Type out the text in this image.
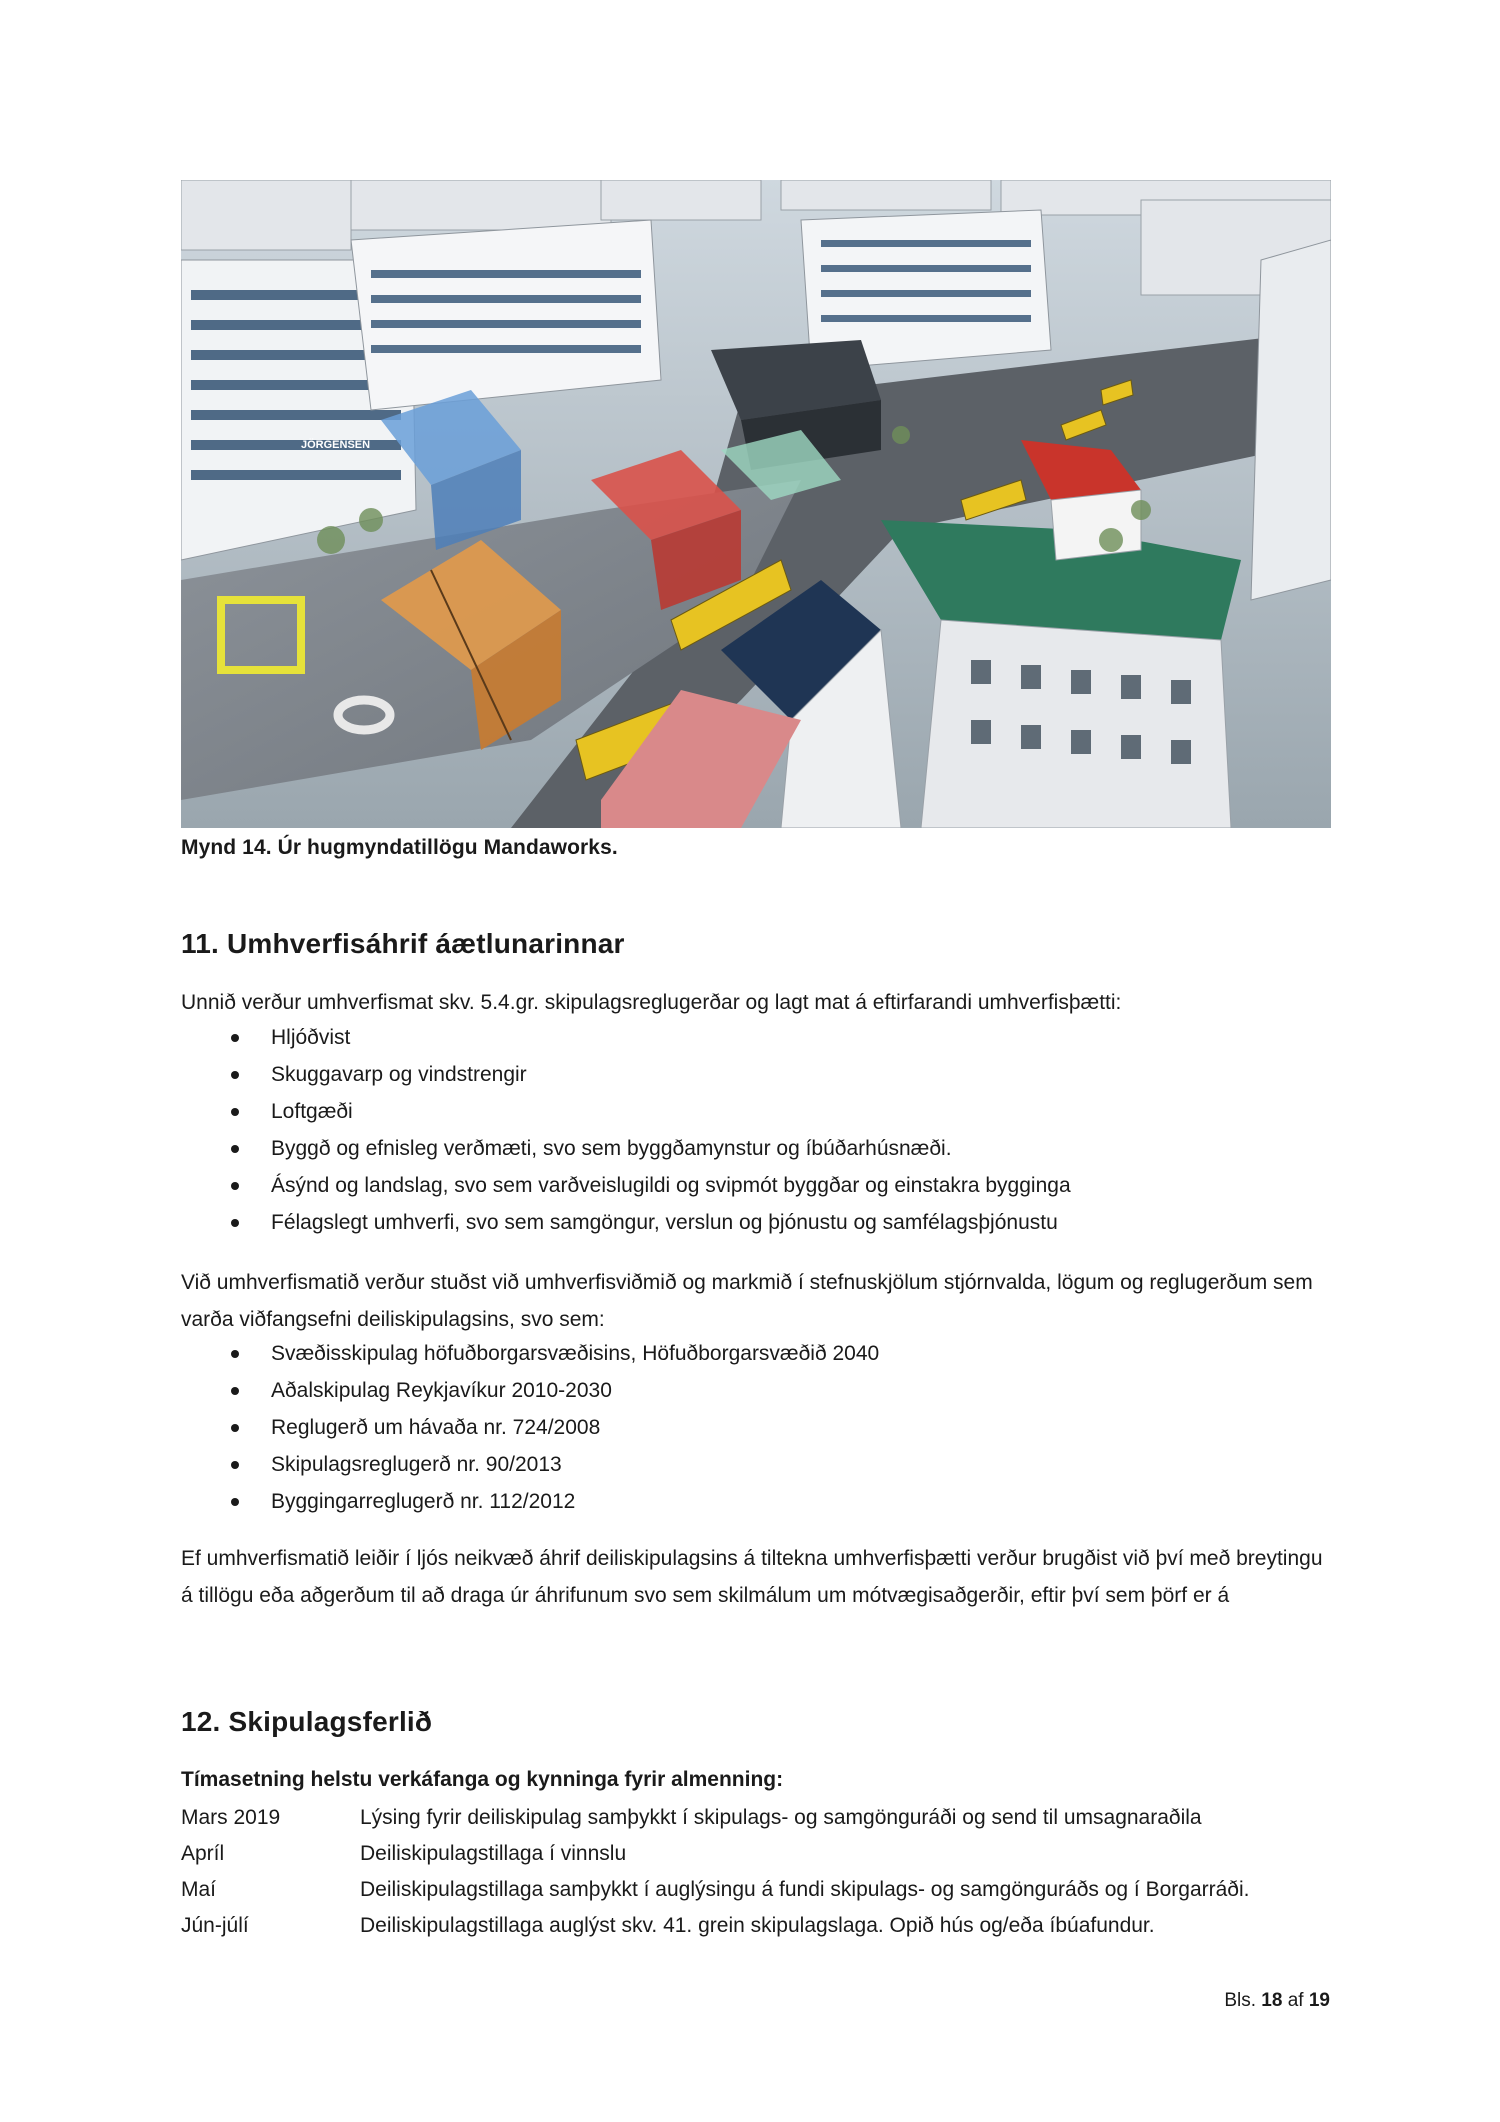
JÖRGENSEN
Mynd 14. Úr hugmyndatillögu Mandaworks.
11. Umhverfisáhrif áætlunarinnar

Unnið verður umhverfismat skv. 5.4.gr. skipulagsreglugerðar og lagt mat á eftirfarandi umhverfisþætti:

Hljóðvist
Skuggavarp og vindstrengir
Loftgæði
Byggð og efnisleg verðmæti, svo sem byggðamynstur og íbúðarhúsnæði.
Ásýnd og landslag, svo sem varðveislugildi og svipmót byggðar og einstakra bygginga
Félagslegt umhverfi, svo sem samgöngur, verslun og þjónustu og samfélagsþjónustu

Við umhverfismatið verður stuðst við umhverfisviðmið og markmið í stefnuskjölum stjórnvalda, lögum og reglugerðum sem varða viðfangsefni deiliskipulagsins, svo sem:

Svæðisskipulag höfuðborgarsvæðisins, Höfuðborgarsvæðið 2040
Aðalskipulag Reykjavíkur 2010-2030
Reglugerð um hávaða nr. 724/2008
Skipulagsreglugerð nr. 90/2013
Byggingarreglugerð nr. 112/2012

Ef umhverfismatið leiðir í ljós neikvæð áhrif deiliskipulagsins á tiltekna umhverfisþætti verður brugðist við því með breytingu á tillögu eða aðgerðum til að draga úr áhrifunum svo sem skilmálum um mótvægisaðgerðir, eftir því sem þörf er á

12. Skipulagsferlið
Tímasetning helstu verkáfanga og kynninga fyrir almenning:
Mars 2019	Lýsing fyrir deiliskipulag samþykkt í skipulags- og samgönguráði og send til umsagnaraðila
Apríl	Deiliskipulagstillaga í vinnslu
Maí	Deiliskipulagstillaga samþykkt í auglýsingu á fundi skipulags- og samgönguráðs og í Borgarráði.
Jún-júlí	Deiliskipulagstillaga auglýst skv. 41. grein skipulagslaga. Opið hús og/eða íbúafundur.
Bls. 18 af 19
